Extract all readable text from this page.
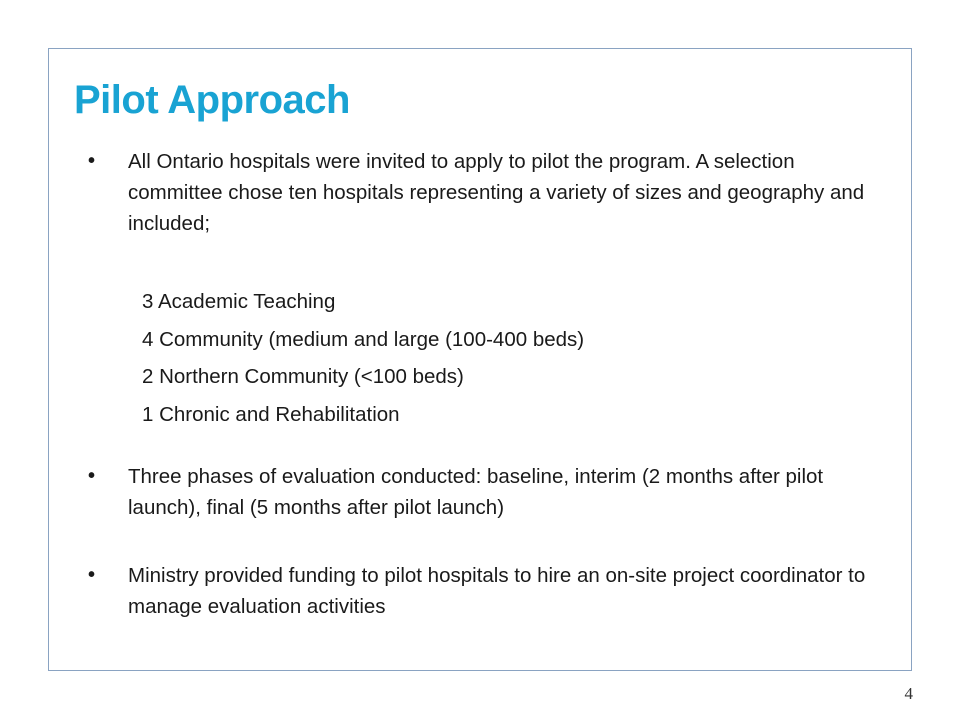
Pilot Approach
•	All Ontario hospitals were invited to apply to pilot the program. A selection committee chose ten hospitals representing a variety of sizes and geography and included;
3 Academic Teaching
4 Community (medium and large (100-400 beds)
2 Northern Community (<100 beds)
1 Chronic and Rehabilitation
•	Three phases of evaluation conducted: baseline, interim (2 months after pilot launch), final (5 months after pilot launch)
•	Ministry provided funding to pilot hospitals to hire an on-site project coordinator to manage evaluation activities
4
